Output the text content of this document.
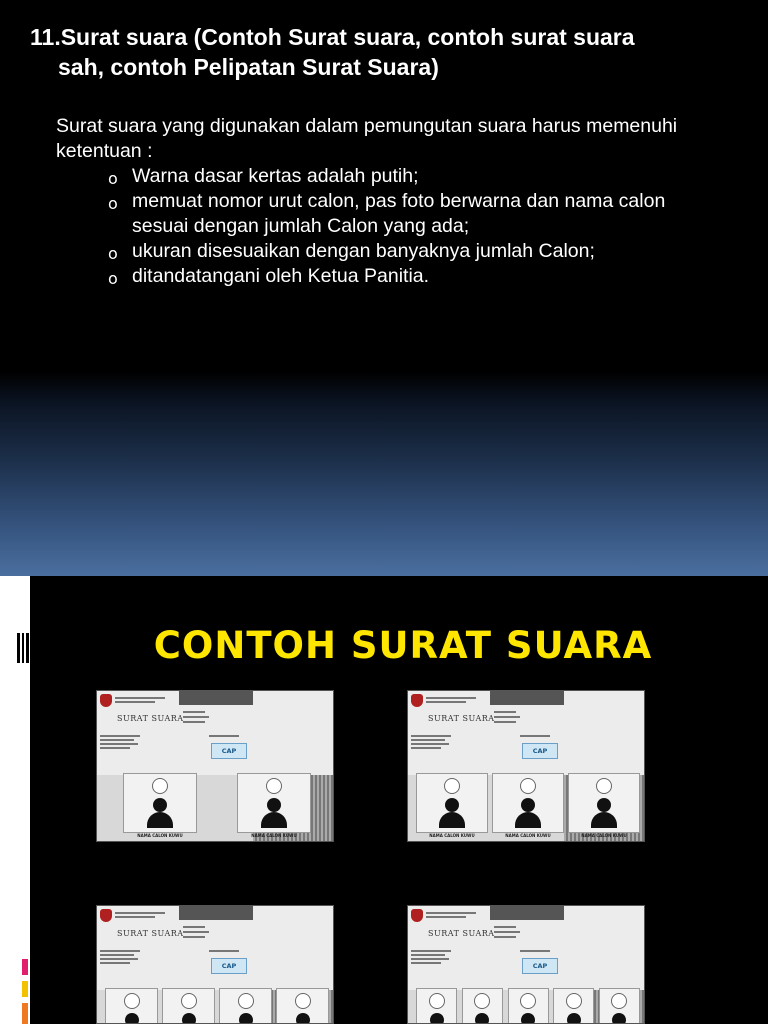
11.Surat suara (Contoh Surat suara, contoh surat suara
sah, contoh Pelipatan Surat Suara)

Surat suara yang digunakan dalam pemungutan suara harus memenuhi
ketentuan :

o Warna dasar kertas adalah putih;
o memuat nomor urut calon, pas foto berwarna dan nama calon
sesuai dengan jumlah Calon yang ada;
o ukuran disesuaikan dengan banyaknya jumlah Calon;
o ditandatangani oleh Ketua Panitia.
CONTOH SURAT SUARA
SURAT SUARA
CAP
NAMA CALON KUWU	NAMA CALON KUWU
SURAT SUARA
CAP
NAMA CALON KUWU	NAMA CALON KUWU	NAMA CALON KUWU
SURAT SUARA
CAP
SURAT SUARA
CAP
